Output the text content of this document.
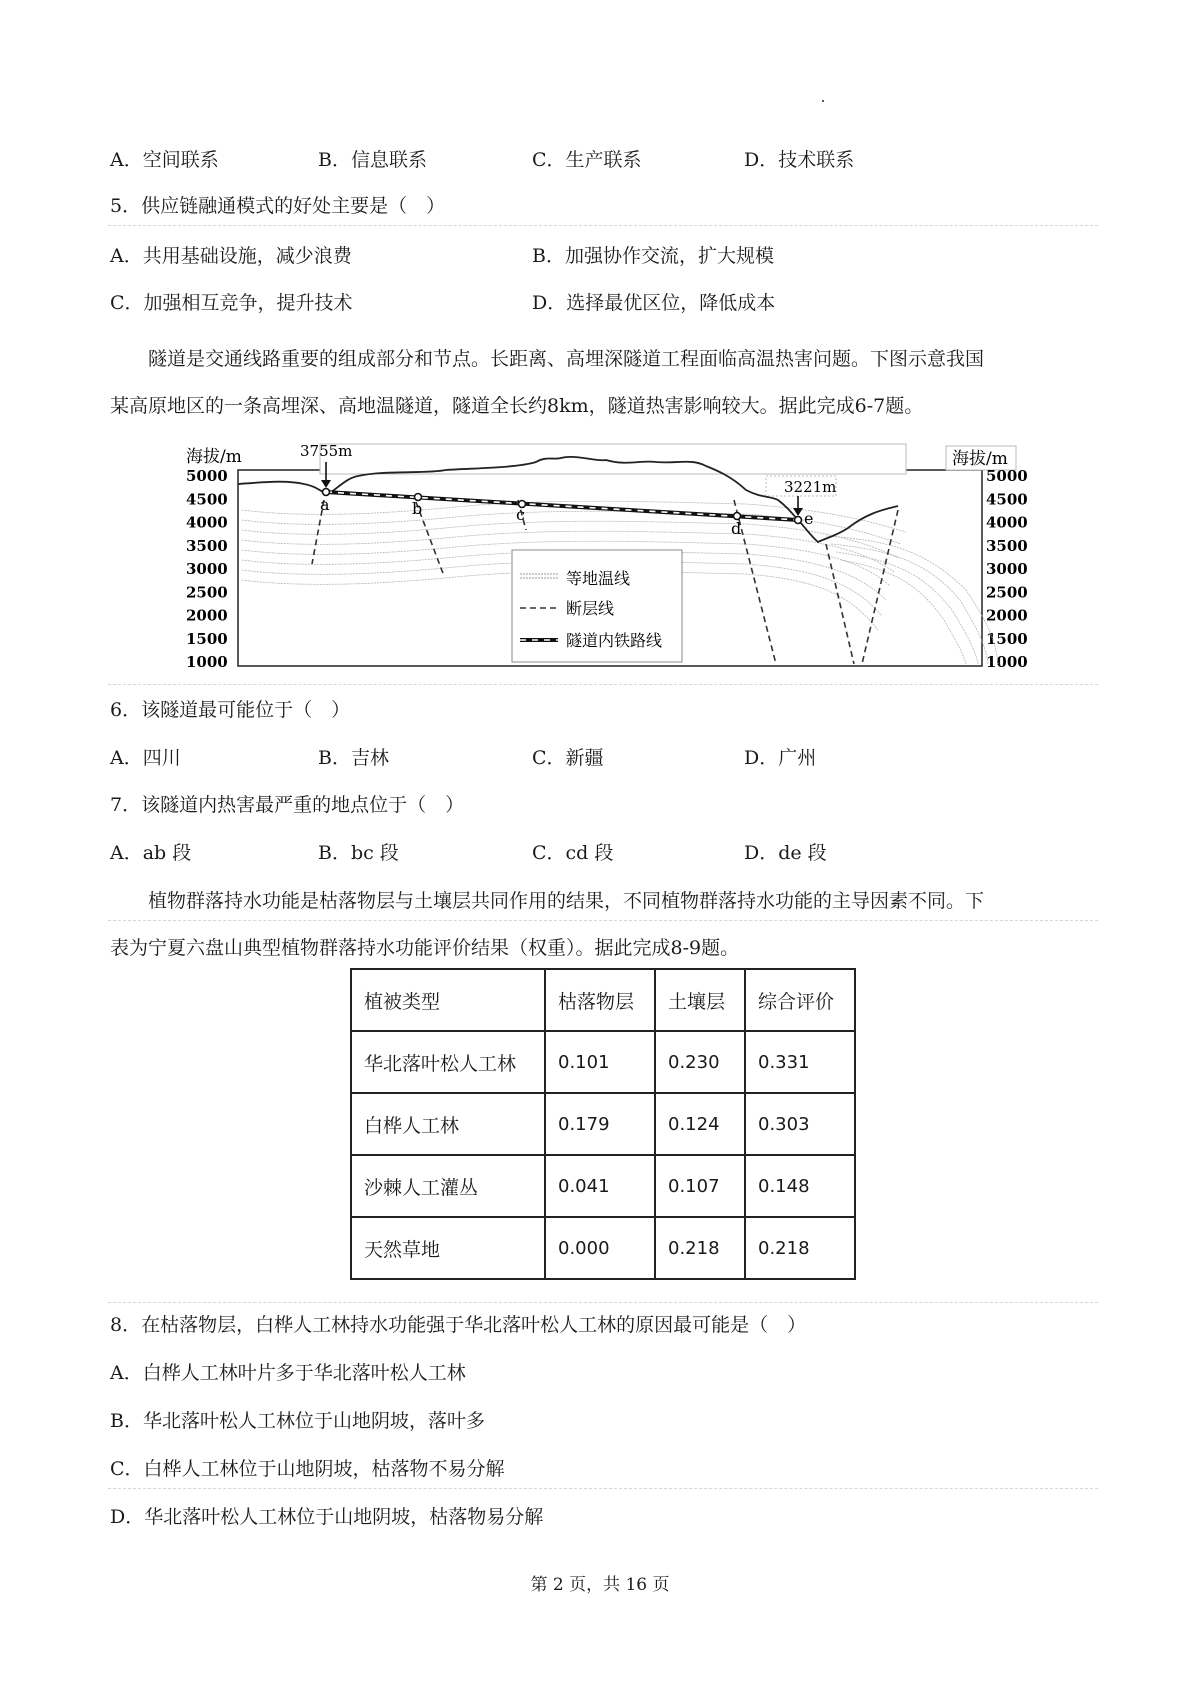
A．空间联系	B．信息联系	C．生产联系	D．技术联系
5．供应链融通模式的好处主要是（　）
A．共用基础设施，减少浪费	B．加强协作交流，扩大规模
C．加强相互竞争，提升技术	D．选择最优区位，降低成本
隧道是交通线路重要的组成部分和节点。长距离、高埋深隧道工程面临高温热害问题。下图示意我国
某高原地区的一条高埋深、高地温隧道，隧道全长约8km，隧道热害影响较大。据此完成6-7题。
海拔/m	海拔/m
5000
4500
4000
3500
3000
2500
2000
1500
1000
5000
4500
4000
3500
3000
2500
2000
1500
1000
a	b	c
d
e
3755m
3221m
等地温线
断层线
隧道内铁路线
6．该隧道最可能位于（　）
A．四川	B．吉林	C．新疆	D．广州
7．该隧道内热害最严重的地点位于（　）
A．ab 段	B．bc 段	C．cd 段	D．de 段
植物群落持水功能是枯落物层与土壤层共同作用的结果，不同植物群落持水功能的主导因素不同。下
表为宁夏六盘山典型植物群落持水功能评价结果（权重）。据此完成8-9题。
植被类型	枯落物层	土壤层	综合评价
华北落叶松人工林	0.101	0.230	0.331
白桦人工林	0.179	0.124	0.303
沙棘人工灌丛	0.041	0.107	0.148
天然草地	0.000	0.218	0.218
8．在枯落物层，白桦人工林持水功能强于华北落叶松人工林的原因最可能是（　）
A．白桦人工林叶片多于华北落叶松人工林
B．华北落叶松人工林位于山地阴坡，落叶多
C．白桦人工林位于山地阴坡，枯落物不易分解
D．华北落叶松人工林位于山地阴坡，枯落物易分解
第 2 页，共 16 页
